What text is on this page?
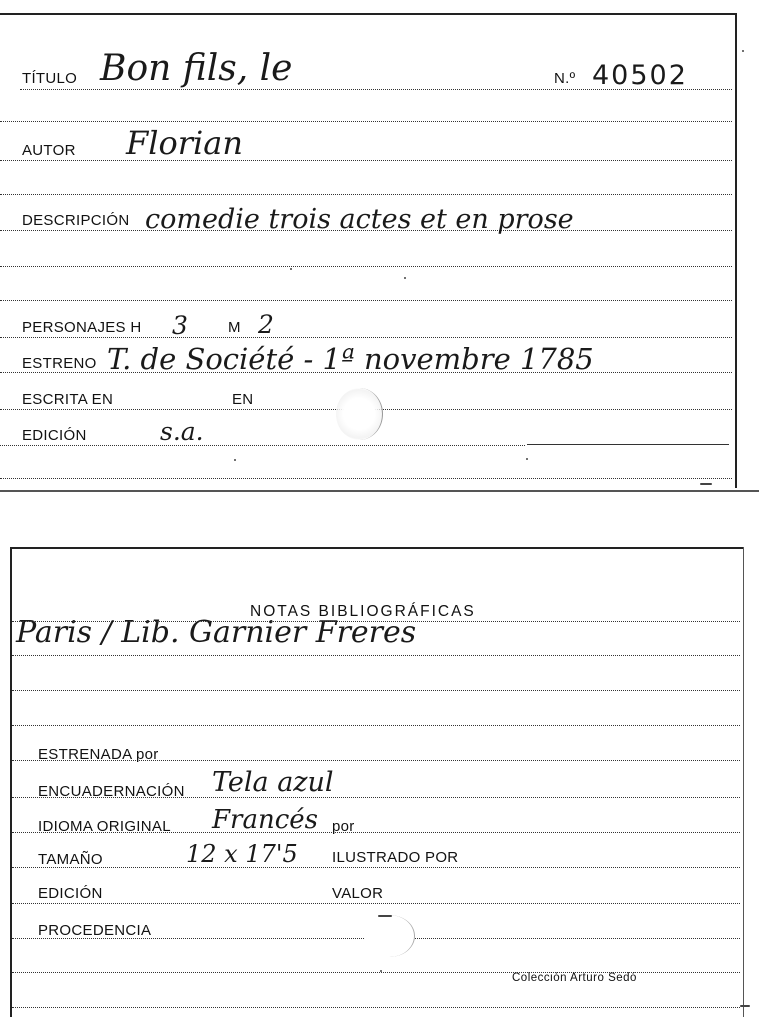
TÍTULO Bon fils, le	N.º 40502
AUTOR Florian
DESCRIPCIÓN comedie trois actes et en prose
PERSONAJES H 3	M 2
ESTRENO T. de Société - 1ª novembre 1785
ESCRITA EN	EN
EDICIÓN	s.a.
NOTAS BIBLIOGRÁFICAS
Paris / Lib. Garnier Freres
ESTRENADA por
ENCUADERNACIÓN Tela azul
IDIOMA ORIGINAL Francés por
TAMAÑO	12 x 17'5 ILUSTRADO POR
EDICIÓN	VALOR
PROCEDENCIA
Colección Arturo Sedó
